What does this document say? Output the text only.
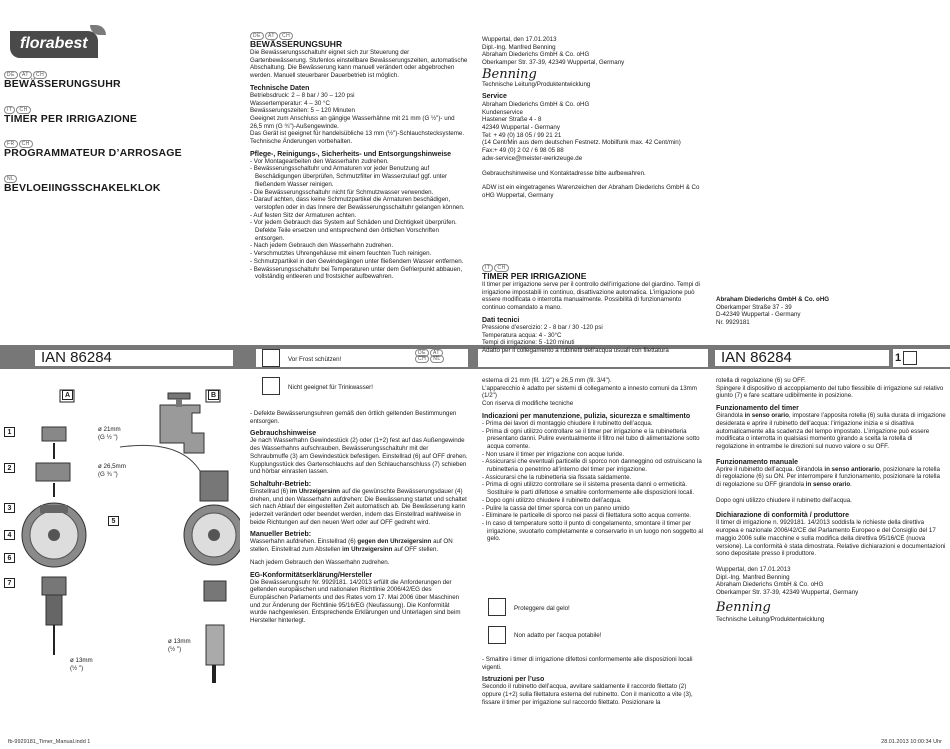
florabest
DE AT CH
BEWÄSSERUNGSUHR
IT CH
TIMER PER IRRIGAZIONE
FR CH
PROGRAMMATEUR D’ARROSAGE
NL
BEVLOEIINGSSCHAKELKLOK
A	B
1
2
3
4
5
6
7
ø 21mm
(G ½ ")
ø 26,5mm
(G ¾ ")
ø 13mm
(½ ")
ø 13mm
(½ ")
IAN 86284	DE AT
CH NL	IAN 86284	1
DE AT CH
BEWÄSSERUNGSUHR
Die Bewässerungsschaltuhr eignet sich zur Steuerung der Gartenbewässerung. Stufenlos einstellbare Bewässerungszeiten, automatische Abschaltung. Die Bewässerung kann manuell verändert oder abgebrochen werden. Manuell steuerbarer Dauerbetrieb ist möglich.
Technische Daten
Betriebsdruck: 2 – 8 bar / 30 – 120 psi
Wassertemperatur: 4 – 30 °C
Bewässerungszeiten: 5 – 120 Minuten
Geeignet zum Anschluss an gängige Wasserhähne mit 21 mm (G ½")- und 26,5 mm (G ¾")-Außengewinde.
Das Gerät ist geeignet für handelsübliche 13 mm (½")-Schlauchstecksysteme.
Technische Änderungen vorbehalten.
Pflege-, Reinigungs-, Sicherheits- und Entsorgungshinweise
- Vor Montagearbeiten den Wasserhahn zudrehen.
- Bewässerungsschaltuhr und Armaturen vor jeder Benutzung auf Beschädigungen überprüfen, Schmutzfilter im Wasserzulauf ggf. unter fließendem Wasser reinigen.
- Die Bewässerungsschaltuhr nicht für Schmutzwasser verwenden.
- Darauf achten, dass keine Schmutzpartikel die Armaturen beschädigen, verstopfen oder in das Innere der Bewässerungsschaltuhr gelangen können.
- Auf festen Sitz der Armaturen achten.
- Vor jedem Gebrauch das System auf Schäden und Dichtigkeit überprüfen. Defekte Teile ersetzen und entsprechend den örtlichen Vorschriften entsorgen.
- Nach jedem Gebrauch den Wasserhahn zudrehen.
- Verschmutztes Uhrengehäuse mit einem feuchten Tuch reinigen.
- Schmutzpartikel in den Gewindegängen unter fließendem Wasser entfernen.
- Bewässerungsschaltuhr bei Temperaturen unter dem Gefrierpunkt abbauen, vollständig entleeren und frostsicher aufbewahren.
Vor Frost schützen!
Nicht geeignet für Trinkwasser!
- Defekte Bewässerungsuhren gemäß den örtlich geltenden Bestimmungen entsorgen.
Gebrauchshinweise
Je nach Wasserhahn Gewindestück (2) oder (1+2) fest auf das Außengewinde des Wasserhahns aufschrauben. Bewässerungsschaltuhr mit der Schraubmuffe (3) am Gewindestück befestigen. Einstellrad (6) auf OFF drehen.
Kupplungsstück des Gartenschlauchs auf den Schlauchanschluss (7) schieben und hörbar einrasten lassen.
Schaltuhr-Betrieb:
Einstellrad (6) im Uhrzeigersinn auf die gewünschte Bewässerungsdauer (4) drehen, und den Wasserhahn aufdrehen: Die Bewässerung startet und schaltet sich nach Ablauf der eingestellten Zeit automatisch ab. Die Bewässerung kann jederzeit verändert oder beendet werden, indem das Einstellrad wahlweise in beide Richtungen auf den neuen Wert oder auf OFF gedreht wird.
Manueller Betrieb:
Wasserhahn aufdrehen. Einstellrad (6) gegen den Uhrzeigersinn auf ON stellen. Einstellrad zum Abstellen im Uhrzeigersinn auf OFF stellen.
Nach jedem Gebrauch den Wasserhahn zudrehen.
EG-Konformitätserklärung/Hersteller
Die Bewässerungsuhr Nr. 9929181. 14/2013 erfüllt die Anforderungen der geltenden europäischen und nationalen Richtlinie 2006/42/EG des Europäischen Parlaments und des Rates vom 17. Mai 2006 über Maschinen und zur Änderung der Richtlinie 95/16/EG (Neufassung). Die Konformität wurde nachgewiesen. Entsprechende Erklärungen und Unterlagen sind beim Hersteller hinterlegt.
Wuppertal, den 17.01.2013
Dipl.-Ing. Manfred Benning
Abraham Diederichs GmbH & Co. oHG
Oberkamper Str. 37-39, 42349 Wuppertal, Germany
Benning
Technische Leitung/Produktentwicklung
Service
Abraham Diederichs GmbH & Co. oHG
Kundenservice
Hastener Straße 4 - 8
42349 Wuppertal - Germany
Tel: + 49 (0) 18 05 / 99 21 21
(14 Cent/Min aus dem deutschen Festnetz. Mobilfunk max. 42 Cent/min)
Fax:+ 49 (0) 2 02 / 6 98 05 88
adw-service@meister-werkzeuge.de
Gebrauchshinweise und Kontaktadresse bitte aufbewahren.
ADW ist ein eingetragenes Warenzeichen der Abraham Diederichs GmbH & Co oHG Wuppertal, Germany
IT CH
TIMER PER IRRIGAZIONE
Il timer per irrigazione serve per il controllo dell’irrigazione del giardino. Tempi di irrigazione impostabili in continuo, disattivazione automatica. L’irrigazione può essere modificata o interrotta manualmente. Possibilità di funzionamento continuo comandato a mano.
Dati tecnici
Pressione d’esercizio: 2 - 8 bar / 30 -120 psi
Temperatura acqua: 4 - 30°C
Tempi di irrigazione: 5 -120 minuti
Adatto per il collegamento a rubinetti dell’acqua usuali con filettatura
esterna di 21 mm (fil. 1/2") e 26,5 mm (fil. 3/4").
L’apparecchio è adatto per sistemi di collegamento a innesto comuni da 13mm (1/2")
Con riserva di modifiche tecniche
Indicazioni per manutenzione, pulizia, sicurezza e smaltimento
- Prima dei lavori di montaggio chiudere il rubinetto dell’acqua.
- Prima di ogni utilizzo controllare se il timer per irrigazione e la rubinetteria presentano danni. Pulire eventualmente il filtro nel tubo di alimentazione sotto acqua corrente.
- Non usare il timer per irrigazione con acque luride.
- Assicurarsi che eventuali particelle di sporco non danneggino od ostruiscano la rubinetteria o penetrino all’interno del timer per irrigazione.
- Assicurarsi che la rubinetteria sia fissata saldamente.
- Prima di ogni utilizzo controllare se il sistema presenta danni o ermeticità. Sostituire le parti difettose e smaltire conformemente alle disposizioni locali.
- Dopo ogni utilizzo chiudere il rubinetto dell’acqua.
- Pulire la cassa del timer sporca con un panno umido
- Eliminare le particelle di sporco nei passi di filettatura sotto acqua corrente.
- In caso di temperature sotto il punto di congelamento, smontare il timer per irrigazione, svuotarlo completamente e conservarlo in un luogo non soggetto al gelo.
Proteggere dal gelo!
Non adatto per l’acqua potabile!
- Smaltire i timer di irrigazione difettosi conformemente alle disposizioni locali vigenti.
Istruzioni per l’uso
Secondo il rubinetto dell’acqua, avvitare saldamente il raccordo filettato (2) oppure (1+2) sulla filettatura esterna del rubinetto. Con il manicotto a vite (3), fissare il timer per irrigazione sul raccordo filettato. Posizionare la
Abraham Diederichs GmbH & Co. oHG
Oberkamper Straße 37 - 39
D-42349 Wuppertal - Germany
Nr. 9929181
rotella di regolazione (6) su OFF.
Spingere il dispositivo di accoppiamento del tubo flessibile di irrigazione sul relativo giunto (7) e fare scattare udibilmente in posizione.
Funzionamento del timer
Girandola in senso orario, impostare l’apposita rotella (6) sulla durata di irrigazione desiderata e aprire il rubinetto dell’acqua: l’irrigazione inizia e si disattiva automaticamente alla scadenza del tempo impostato. L’irrigazione può essere modificata o interrotta in qualsiasi momento girando a scelta la rotella di regolazione in entrambe le direzioni sul nuovo valore o su OFF.
Funzionamento manuale
Aprire il rubinetto dell’acqua. Girandola in senso antiorario, posizionare la rotella di regolazione (6) su ON. Per interrompere il funzionamento, posizionare la rotella di regolazione su OFF girandola in senso orario.
Dopo ogni utilizzo chiudere il rubinetto dell’acqua.
Dichiarazione di conformità / produttore
Il timer di irrigazione n. 9929181. 14/2013 soddisfa le richieste della direttiva europea e nazionale 2006/42/CE del Parlamento Europeo e del Consiglio del 17 maggio 2006 sulle macchine e sulla modifica della direttiva 95/16/CE (nuova versione). La conformità è stata dimostrata. Relative dichiarazioni e documentazioni sono depositate presso il produttore.
Wuppertal, den 17.01.2013
Dipl.-Ing. Manfred Benning
Abraham Diederichs GmbH & Co. oHG
Oberkamper Str. 37-39, 42349 Wuppertal, Germany
Benning
Technische Leitung/Produktentwicklung
fb-9929181_Timer_Manual.indd 1	28.01.2013 10:00:34 Uhr
